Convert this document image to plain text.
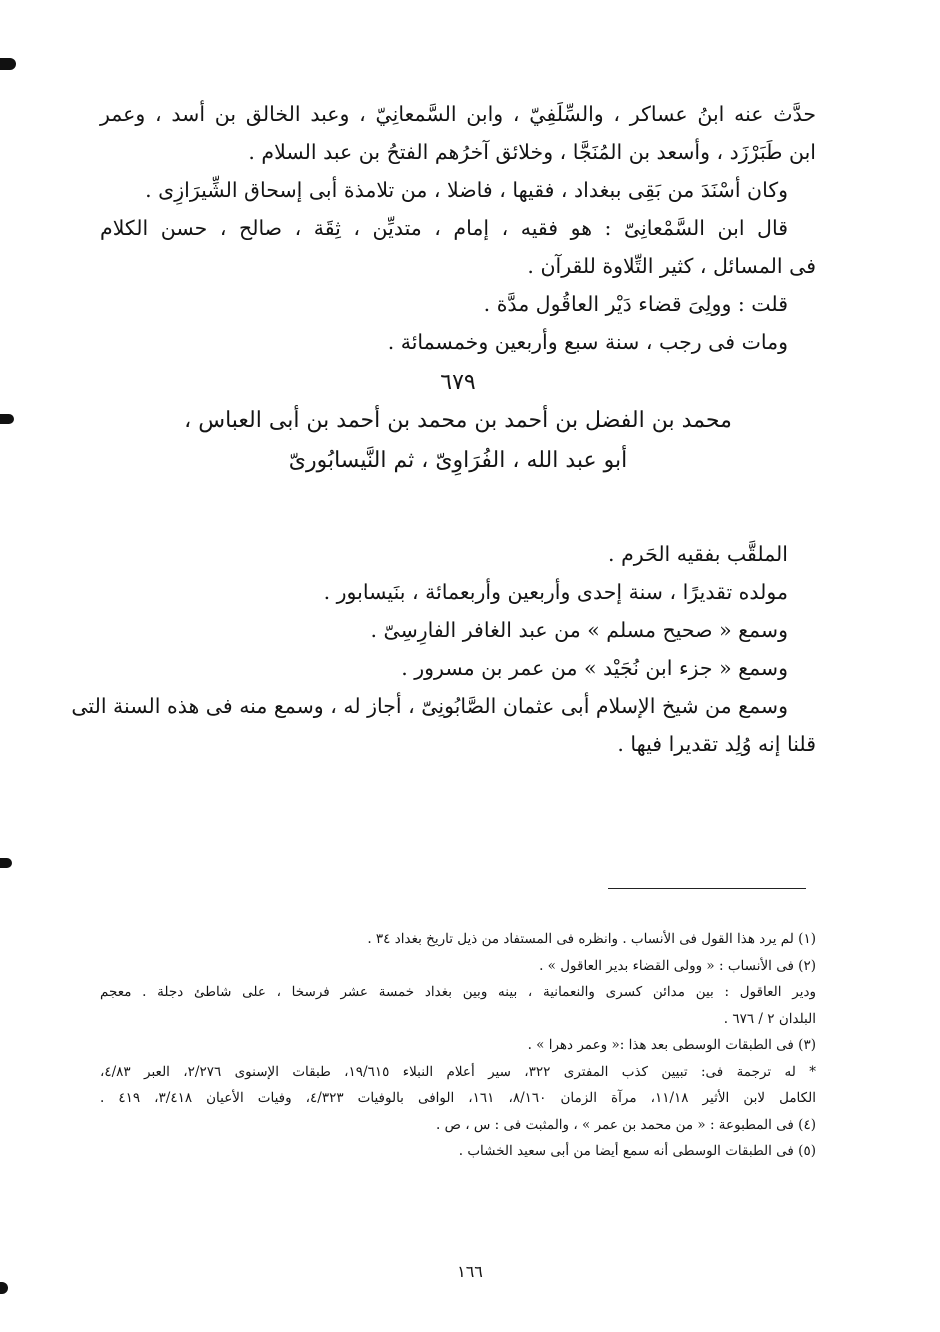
حدَّث عنه ابنُ عساكر ، والسِّلَفِيّ ، وابن السَّمعانِيّ ، وعبد الخالق بن أسد ، وعمر

ابن طَبَرْزَد ، وأسعد بن المُنَجَّا ، وخلائق آخرُهم الفتحُ بن عبد السلام .

وكان أسْنَدَ من بَقِى ببغداد ، فقيها ، فاضلا ، من تلامذة أبى إسحاق الشِّيرَازِى .

قال ابن السَّمْعانِىّ : هو فقيه ، إمام ، متديِّن ، ثِقَة ، صالح ، حسن الكلام

فى المسائل ، كثير التِّلاوة للقرآن .

قلت : وولِىَ قضاء دَيْر العاقُول مدَّة .

ومات فى رجب ، سنة سبع وأربعين وخمسمائة .

٦٧٩

محمد بن الفضل بن أحمد بن محمد بن أحمد بن أبى العباس ،

أبو عبد الله ، الفُرَاوِىّ ، ثم النَّيسابُورىّ

الملقَّب بفقيه الحَرم .

مولده تقديرًا ، سنة إحدى وأربعين وأربعمائة ، بنَيسابور .

وسمع « صحيح مسلم » من عبد الغافر الفارِسِىّ .

وسمع « جزء ابن نُجَيْد » من عمر بن مسرور .

وسمع من شيخ الإسلام أبى عثمان الصَّابُونِىّ ، أجاز له ، وسمع منه فى هذه السنة التى

قلنا إنه وُلِد تقديرا فيها .

(١) لم يرد هذا القول فى الأنساب . وانظره فى المستفاد من ذيل تاريخ بغداد ٣٤ .

(٢) فى الأنساب : « وولى القضاء بدير العاقول » .

ودير العاقول : بين مدائن كسرى والنعمانية ، بينه وبين بغداد خمسة عشر فرسخا ، على شاطئ دجلة . معجم

البلدان ٢ / ٦٧٦ .

(٣) فى الطبقات الوسطى بعد هذا :« وعمر دهرا » .

* له ترجمة فى: تبيين كذب المفترى ٣٢٢، سير أعلام النبلاء ١٩/٦١٥، طبقات الإسنوى ٢/٢٧٦، العبر ٤/٨٣،

الكامل لابن الأثير ١١/١٨، مرآة الزمان ٨/١٦٠، ١٦١، الوافى بالوفيات ٤/٣٢٣، وفيات الأعيان ٣/٤١٨، ٤١٩ .

(٤) فى المطبوعة : « من محمد بن عمر » ، والمثبت فى : س ، ص .

(٥) فى الطبقات الوسطى أنه سمع أيضا من أبى سعيد الخشاب .

١٦٦
